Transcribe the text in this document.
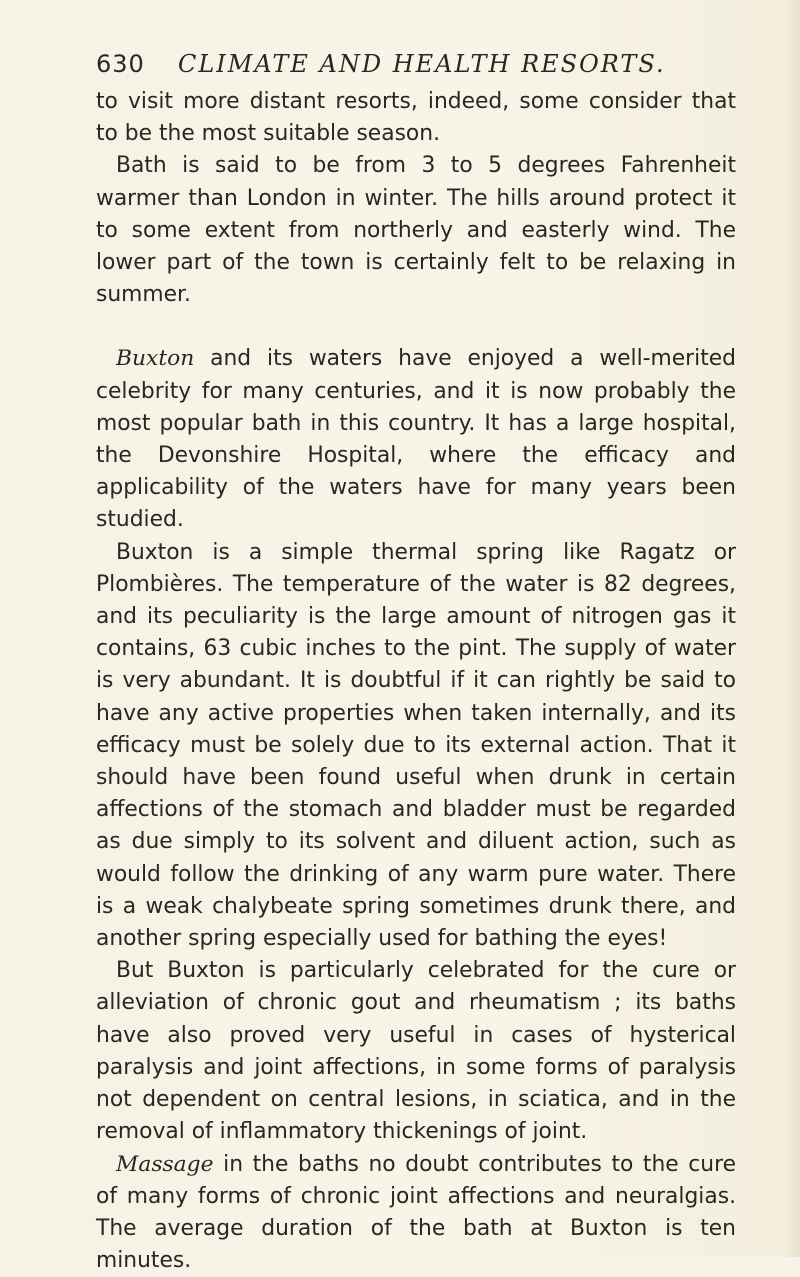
630 CLIMATE AND HEALTH RESORTS.

to visit more distant resorts, indeed, some consider that to be the most suitable season.

Bath is said to be from 3 to 5 degrees Fahrenheit warmer than London in winter. The hills around protect it to some extent from northerly and easterly wind. The lower part of the town is certainly felt to be relaxing in summer.

Buxton and its waters have enjoyed a well-merited celebrity for many centuries, and it is now probably the most popular bath in this country. It has a large hospital, the Devonshire Hospital, where the efficacy and applicability of the waters have for many years been studied.

Buxton is a simple thermal spring like Ragatz or Plombières. The temperature of the water is 82 degrees, and its peculiarity is the large amount of nitrogen gas it contains, 63 cubic inches to the pint. The supply of water is very abundant. It is doubtful if it can rightly be said to have any active properties when taken internally, and its efficacy must be solely due to its external action. That it should have been found useful when drunk in certain affections of the stomach and bladder must be regarded as due simply to its solvent and diluent action, such as would follow the drinking of any warm pure water. There is a weak chalybeate spring sometimes drunk there, and another spring especially used for bathing the eyes!

But Buxton is particularly celebrated for the cure or alleviation of chronic gout and rheumatism ; its baths have also proved very useful in cases of hysterical paralysis and joint affections, in some forms of paralysis not dependent on central lesions, in sciatica, and in the removal of inflammatory thickenings of joint.

Massage in the baths no doubt contributes to the cure of many forms of chronic joint affections and neuralgias. The average duration of the bath at Buxton is ten minutes.
